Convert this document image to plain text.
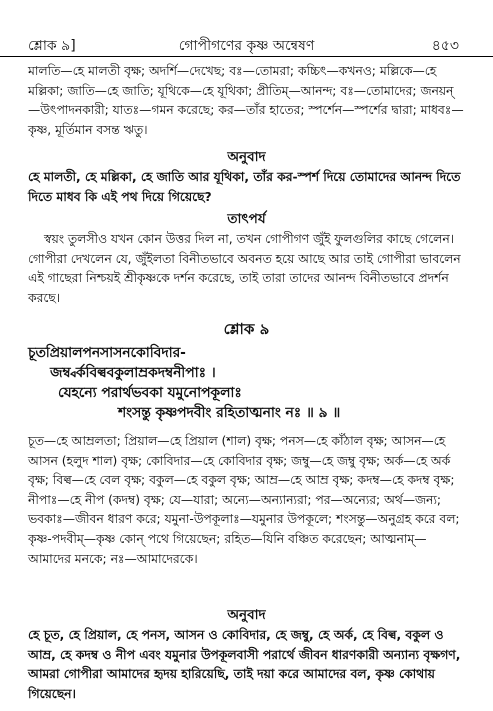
শ্লোক ৯]	গোপীগণের কৃষ্ণ অন্বেষণ	৪৫৩

মালতি—হে মালতী বৃক্ষ; অদর্শি—দেখেছ; বঃ—তোমরা; কচ্চিৎ—কখনও; মল্লিকে—হে মল্লিকা; জাতি—হে জাতি; যূথিকে—হে যূথিকা; প্রীতিম্—আনন্দ; বঃ—তোমাদের; জনয়ন্—উৎপাদনকারী; যাতঃ—গমন করেছে; কর—তাঁর হাতের; স্পর্শেন—স্পর্শের দ্বারা; মাধবঃ—কৃষ্ণ, মূর্তিমান বসন্ত ঋতু।

অনুবাদ

হে মালতী, হে মল্লিকা, হে জাতি আর যূথিকা, তাঁর কর-স্পর্শ দিয়ে তোমাদের আনন্দ দিতে দিতে মাধব কি এই পথ দিয়ে গিয়েছে?

তাৎপর্য

স্বয়ং তুলসীও যখন কোন উত্তর দিল না, তখন গোপীগণ জুঁই ফুলগুলির কাছে গেলেন। গোপীরা দেখলেন যে, জুঁইলতা বিনীতভাবে অবনত হয়ে আছে আর তাই গোপীরা ভাবলেন এই গাছেরা নিশ্চয়ই শ্রীকৃষ্ণকে দর্শন করেছে, তাই তারা তাদের আনন্দ বিনীতভাবে প্রদর্শন করছে।

শ্লোক ৯

চূতপ্রিয়ালপনসাসনকোবিদার-

জম্ব্বর্কবিল্ববকুলাম্রকদম্বনীপাঃ ।

যেহন্যে পরার্থভবকা যমুনোপকূলাঃ

শংসন্তু কৃষ্ণপদবীং রহিতাত্মনাং নঃ ॥ ৯ ॥

চূত—হে আম্রলতা; প্রিয়াল—হে প্রিয়াল (শাল) বৃক্ষ; পনস—হে কাঁঠাল বৃক্ষ; আসন—হে আসন (হলুদ শাল) বৃক্ষ; কোবিদার—হে কোবিদার বৃক্ষ; জম্বু—হে জম্বু বৃক্ষ; অর্ক—হে অর্ক বৃক্ষ; বিল্ব—হে বেল বৃক্ষ; বকুল—হে বকুল বৃক্ষ; আম্র—হে আম্র বৃক্ষ; কদম্ব—হে কদম্ব বৃক্ষ; নীপাঃ—হে নীপ (কদম্ব) বৃক্ষ; যে—যারা; অন্যে—অন্যান্যরা; পর—অন্যের; অর্থ—জন্য; ভবকাঃ—জীবন ধারণ করে; যমুনা-উপকূলাঃ—যমুনার উপকূলে; শংসন্তু—অনুগ্রহ করে বল; কৃষ্ণ-পদবীম্—কৃষ্ণ কোন্ পথে গিয়েছেন; রহিত—যিনি বঞ্চিত করেছেন; আত্মনাম্—আমাদের মনকে; নঃ—আমাদেরকে।

অনুবাদ

হে চূত, হে প্রিয়াল, হে পনস, আসন ও কোবিদার, হে জম্বু, হে অর্ক, হে বিল্ব, বকুল ও আম্র, হে কদম্ব ও নীপ এবং যমুনার উপকূলবাসী পরার্থে জীবন ধারণকারী অন্যান্য বৃক্ষগণ, আমরা গোপীরা আমাদের হৃদয় হারিয়েছি, তাই দয়া করে আমাদের বল, কৃষ্ণ কোথায় গিয়েছেন।
